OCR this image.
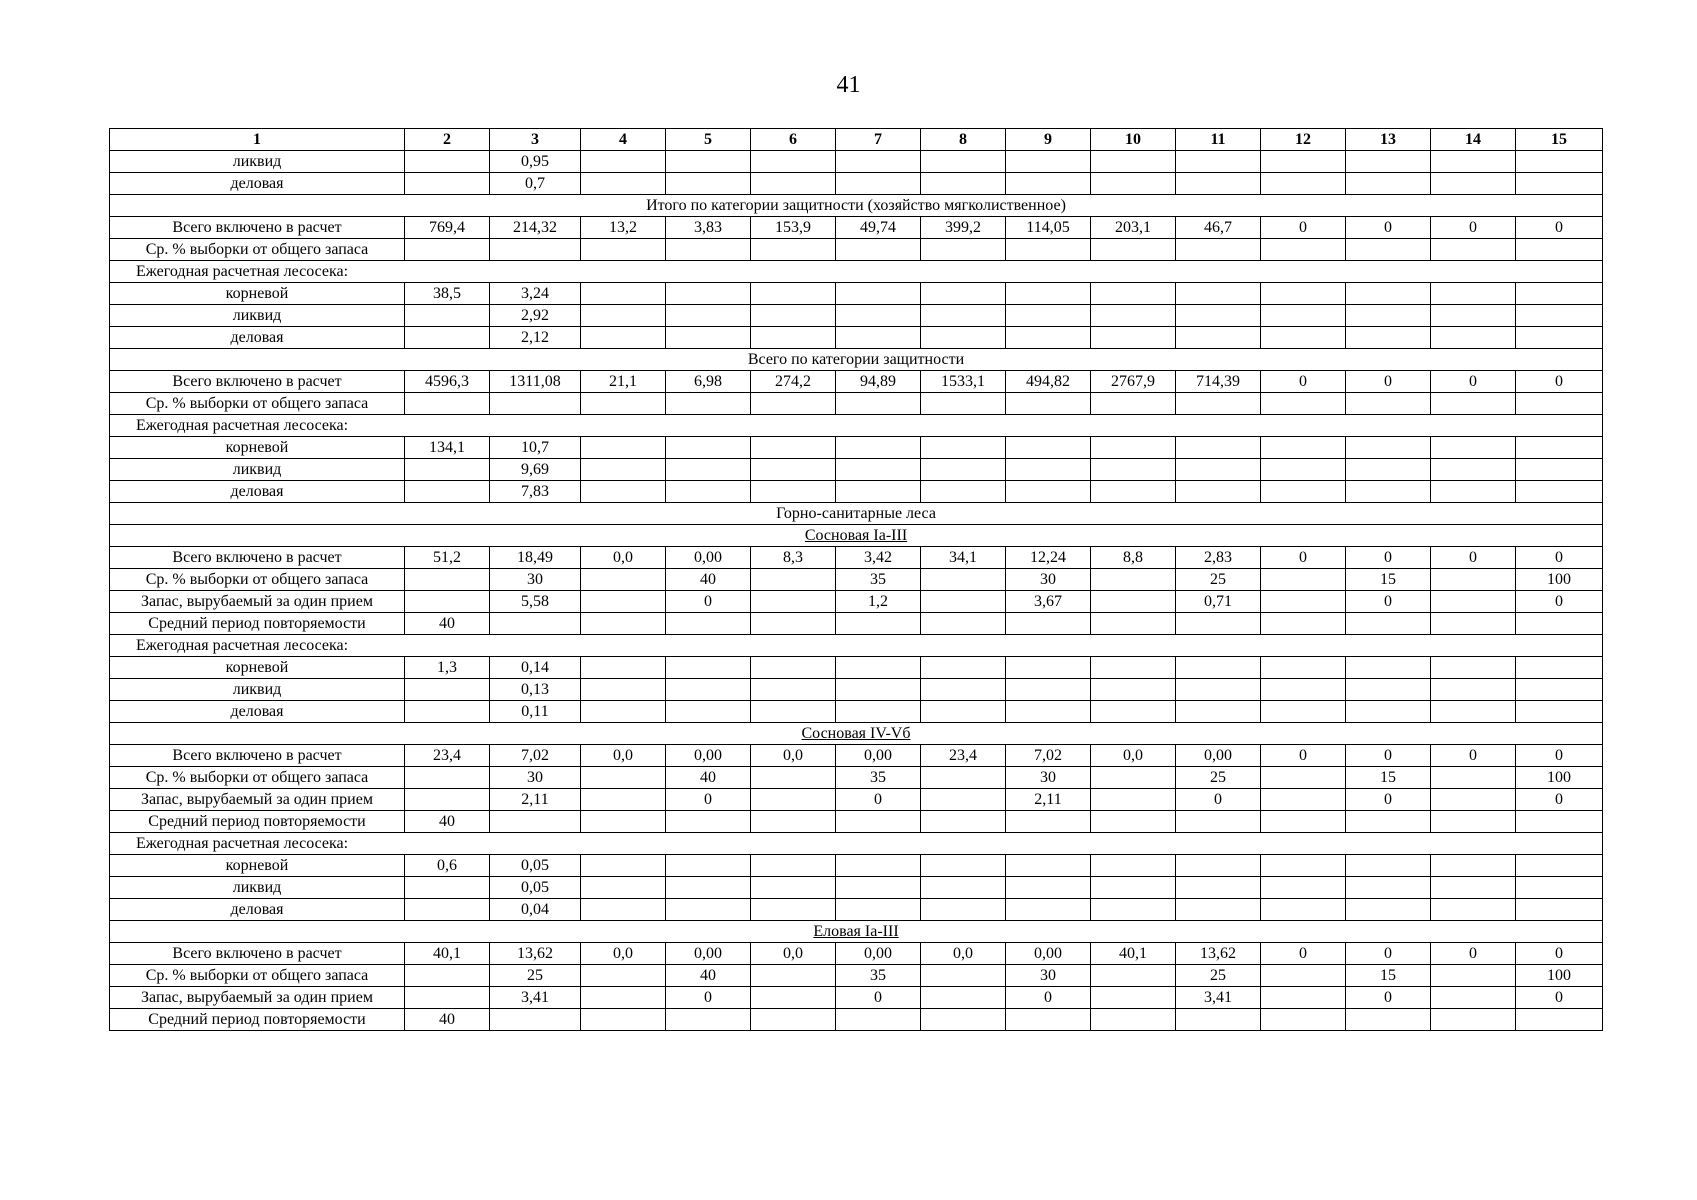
41
1	2	3	4	5	6	7	8	9	10	11	12	13	14	15
ликвид		0,95												
деловая		0,7												
Итого по категории защитности (хозяйство мягколиственное)														
Всего включено в расчет	769,4	214,32	13,2	3,83	153,9	49,74	399,2	114,05	203,1	46,7	0	0	0	0
Ср. % выборки от общего запаса														
Ежегодная расчетная лесосека:														
корневой	38,5	3,24												
ликвид		2,92												
деловая		2,12												
Всего по категории защитности														
Всего включено в расчет	4596,3	1311,08	21,1	6,98	274,2	94,89	1533,1	494,82	2767,9	714,39	0	0	0	0
Ср. % выборки от общего запаса														
Ежегодная расчетная лесосека:														
корневой	134,1	10,7												
ликвид		9,69												
деловая		7,83												
Горно-санитарные леса														
Сосновая Ia-III														
Всего включено в расчет	51,2	18,49	0,0	0,00	8,3	3,42	34,1	12,24	8,8	2,83	0	0	0	0
Ср. % выборки от общего запаса		30		40		35		30		25		15		100
Запас, вырубаемый за один прием		5,58		0		1,2		3,67		0,71		0		0
Средний период повторяемости	40													
Ежегодная расчетная лесосека:														
корневой	1,3	0,14												
ликвид		0,13												
деловая		0,11												
Сосновая IV-Vб														
Всего включено в расчет	23,4	7,02	0,0	0,00	0,0	0,00	23,4	7,02	0,0	0,00	0	0	0	0
Ср. % выборки от общего запаса		30		40		35		30		25		15		100
Запас, вырубаемый за один прием		2,11		0		0		2,11		0		0		0
Средний период повторяемости	40													
Ежегодная расчетная лесосека:														
корневой	0,6	0,05												
ликвид		0,05												
деловая		0,04												
Еловая Ia-III														
Всего включено в расчет	40,1	13,62	0,0	0,00	0,0	0,00	0,0	0,00	40,1	13,62	0	0	0	0
Ср. % выборки от общего запаса		25		40		35		30		25		15		100
Запас, вырубаемый за один прием		3,41		0		0		0		3,41		0		0
Средний период повторяемости	40													
